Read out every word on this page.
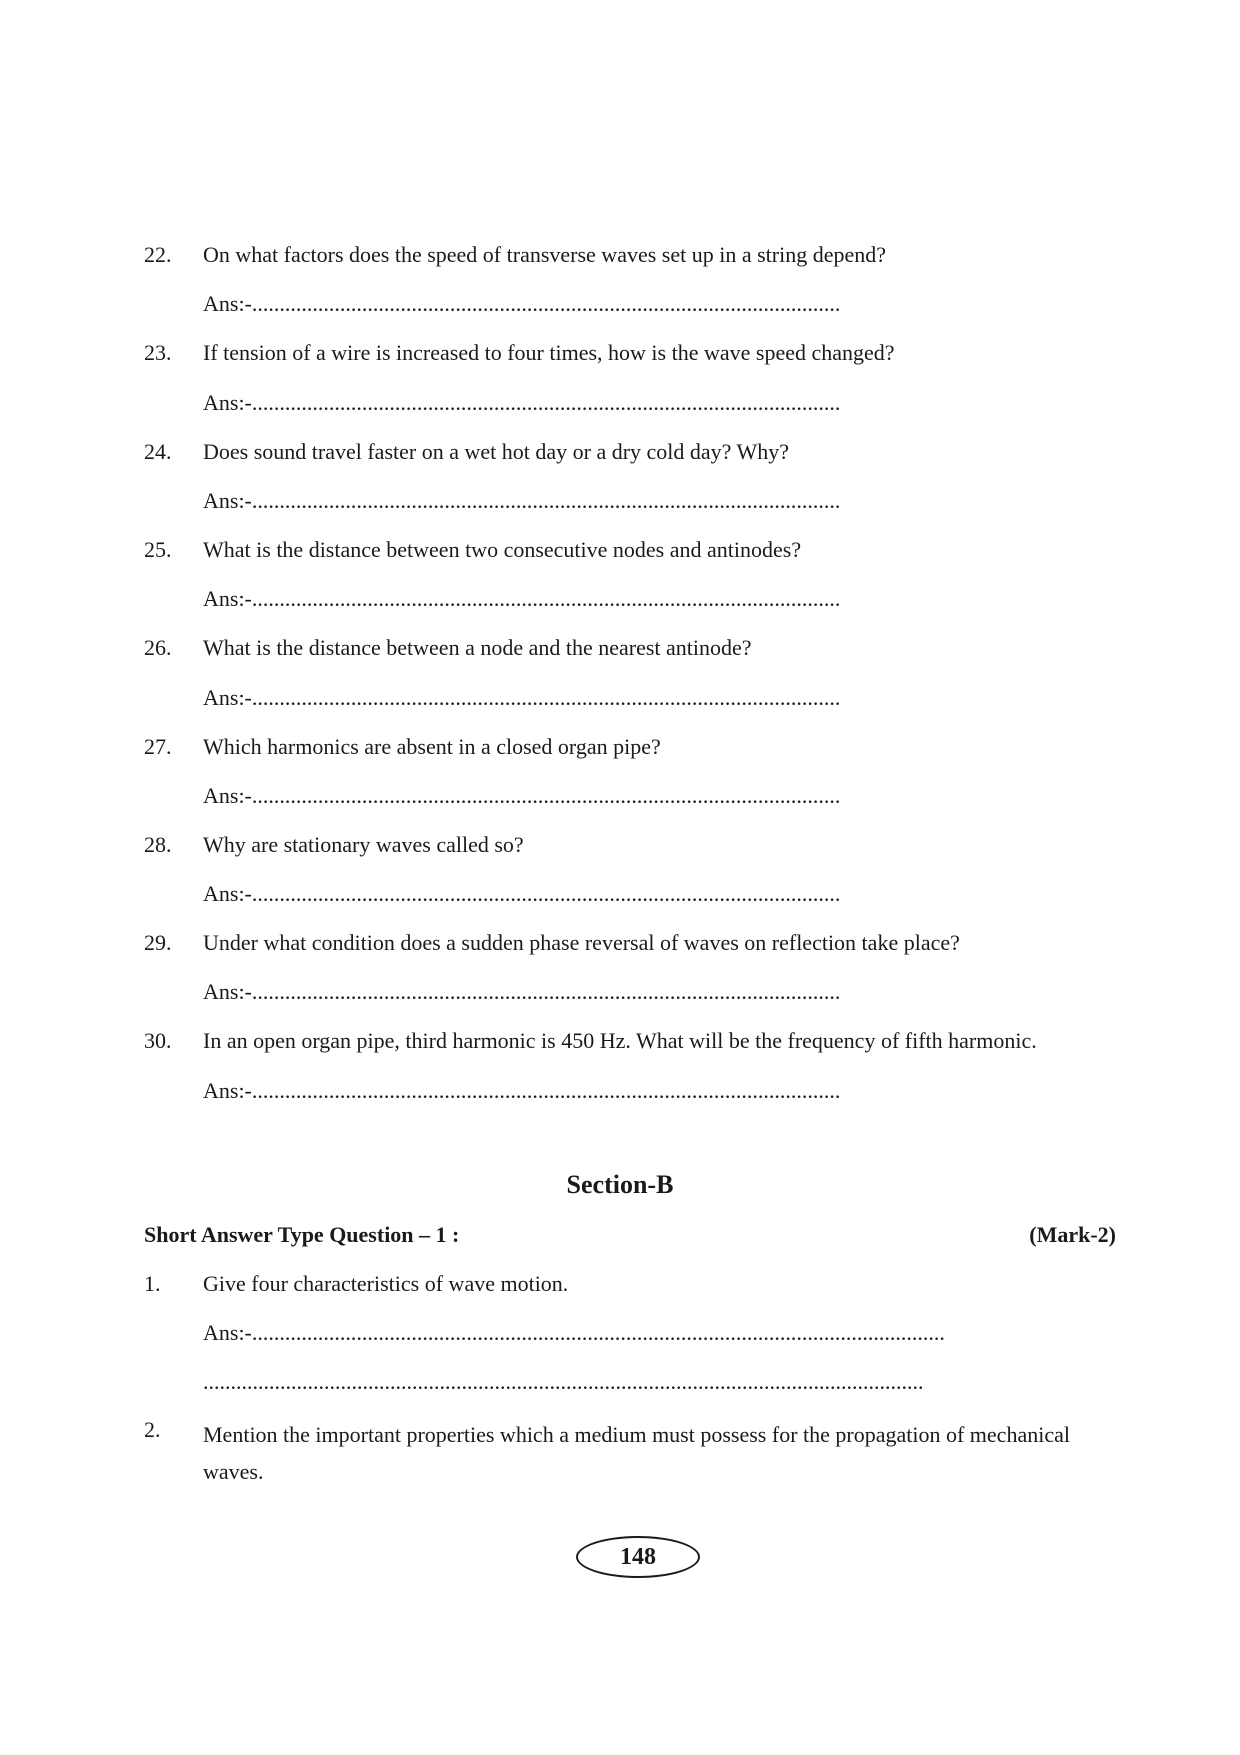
22.	On what factors does the speed of transverse waves set up in a string depend?
Ans:-...........................................................................................................
23.	If tension of a wire is increased to four times, how is the wave speed changed?
Ans:-...........................................................................................................
24.	Does sound travel faster on a wet hot day or a dry cold day? Why?
Ans:-...........................................................................................................
25.	What is the distance between two consecutive nodes and antinodes?
Ans:-...........................................................................................................
26.	What is the distance between a node and the nearest antinode?
Ans:-...........................................................................................................
27.	Which harmonics are absent in a closed organ pipe?
Ans:-...........................................................................................................
28.	Why are stationary waves called so?
Ans:-...........................................................................................................
29.	Under what condition does a sudden phase reversal of waves on reflection take place?
Ans:-...........................................................................................................
30.	In an open organ pipe, third harmonic is 450 Hz. What will be the frequency of fifth harmonic.
Ans:-...........................................................................................................
Section-B
Short Answer Type Question – 1 :	(Mark-2)
1.	Give four characteristics of wave motion.
Ans:-..............................................................................................................................
...................................................................................................................................
2.	Mention the important properties which a medium must possess for the propagation of mechanical waves.
148
